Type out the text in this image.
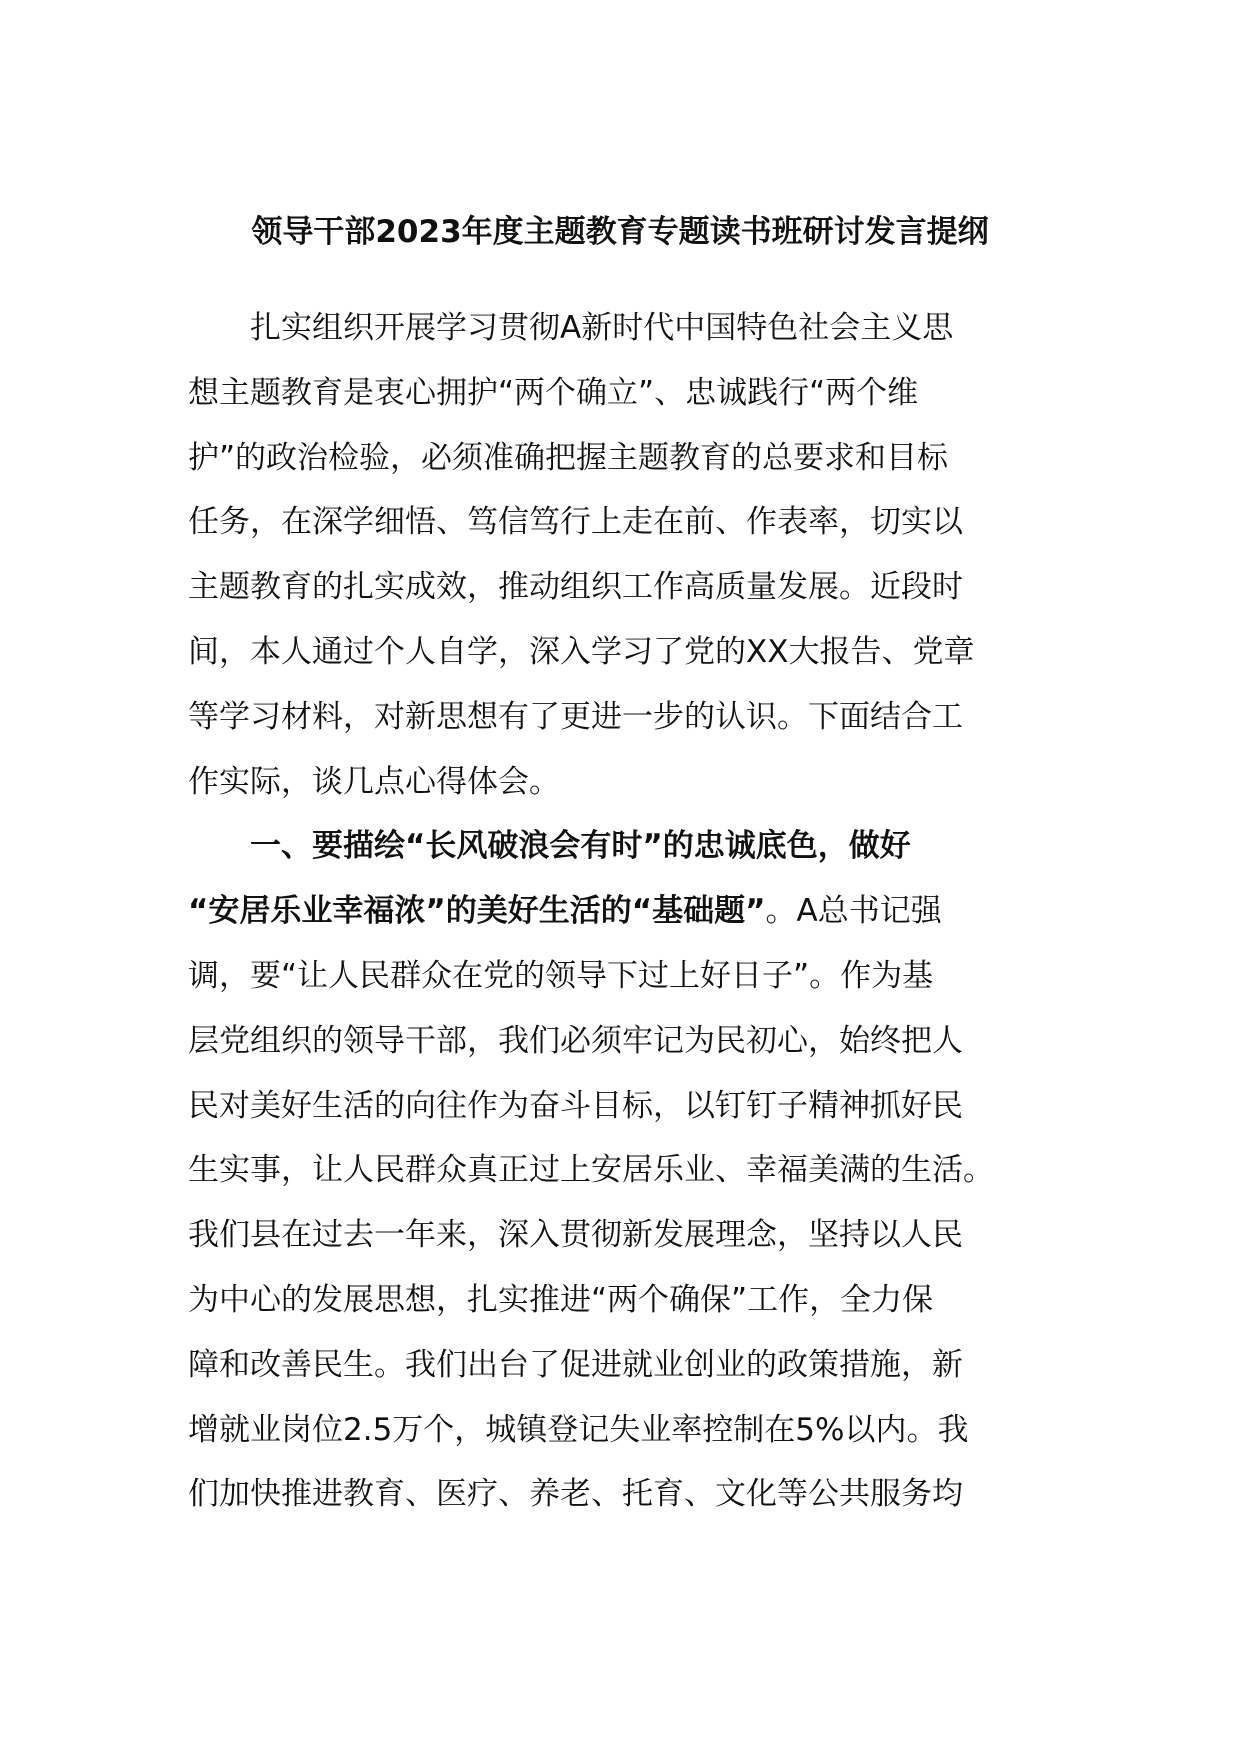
领导干部2023年度主题教育专题读书班研讨发言提纲
扎实组织开展学习贯彻A新时代中国特色社会主义思
想主题教育是衷心拥护“两个确立”、忠诚践行“两个维
护”的政治检验，必须准确把握主题教育的总要求和目标
任务，在深学细悟、笃信笃行上走在前、作表率，切实以
主题教育的扎实成效，推动组织工作高质量发展。近段时
间，本人通过个人自学，深入学习了党的XX大报告、党章
等学习材料，对新思想有了更进一步的认识。下面结合工
作实际，谈几点心得体会。
一、要描绘“长风破浪会有时”的忠诚底色，做好
“安居乐业幸福浓”的美好生活的“基础题”。A总书记强
调，要“让人民群众在党的领导下过上好日子”。作为基
层党组织的领导干部，我们必须牢记为民初心，始终把人
民对美好生活的向往作为奋斗目标，以钉钉子精神抓好民
生实事，让人民群众真正过上安居乐业、幸福美满的生活。
我们县在过去一年来，深入贯彻新发展理念，坚持以人民
为中心的发展思想，扎实推进“两个确保”工作，全力保
障和改善民生。我们出台了促进就业创业的政策措施，新
增就业岗位2.5万个，城镇登记失业率控制在5%以内。我
们加快推进教育、医疗、养老、托育、文化等公共服务均
